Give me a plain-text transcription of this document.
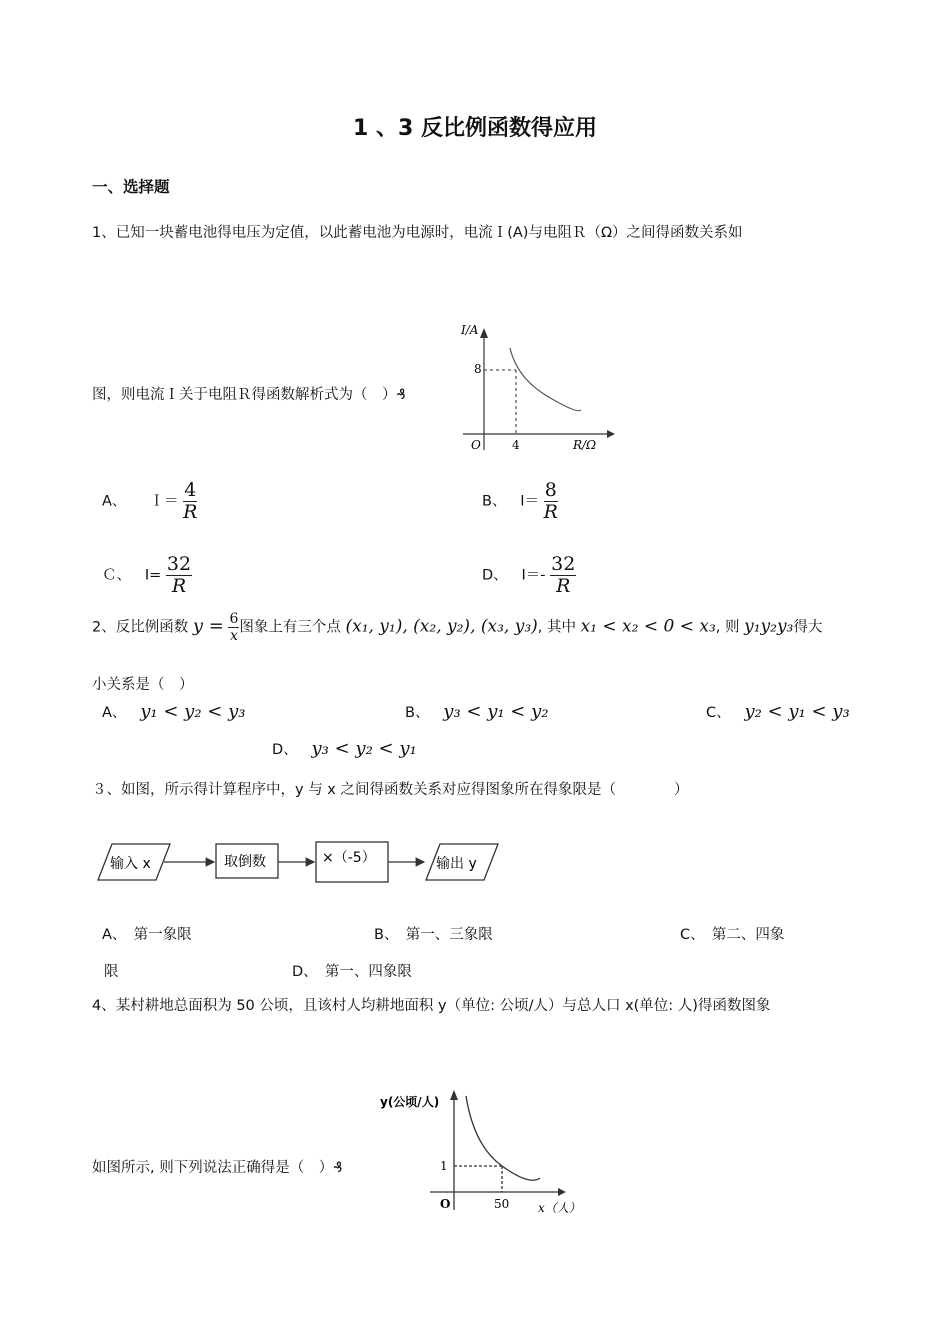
1 、3 反比例函数得应用
一、选择题
1、已知一块蓄电池得电压为定值，以此蓄电池为电源时，电流Ｉ(A)与电阻Ｒ（Ω）之间得函数关系如
图，则电流Ｉ关于电阻Ｒ得函数解析式为（　）₰
I/A
R/Ω
O
8
4
A、 Ｉ＝ $\frac{4}{R}$	B、 $I= \frac{8}{R}$
Ｃ、 $I= \frac{32}{R}$	D、 $I=- \frac{32}{R}$
2、反比例函数 $y = \frac{6}{x}$ 图象上有三个点 (x₁, y₁), (x₂, y₂), (x₃, y₃), 其中 x₁ < x₂ < 0 < x₃, 则 y₁y₂y₃得大
小关系是（　）
A、 y₁ < y₂ < y₃	B、 y₃ < y₁ < y₂	C、 y₂ < y₁ < y₃
D、 y₃ < y₂ < y₁
３、如图，所示得计算程序中，y 与 x 之间得函数关系对应得图象所在得象限是（　　　　）
输入 x	取倒数	×（-5）	输出 y
A、　第一象限	B、　第一、三象限	C、　第二、四象
限	D、　第一、四象限
4、某村耕地总面积为 50 公顷，且该村人均耕地面积 y（单位: 公顷/人）与总人口 x(单位: 人)得函数图象
如图所示, 则下列说法正确得是（　）₰
y(公顷/人)
x（人）
O
1
50
